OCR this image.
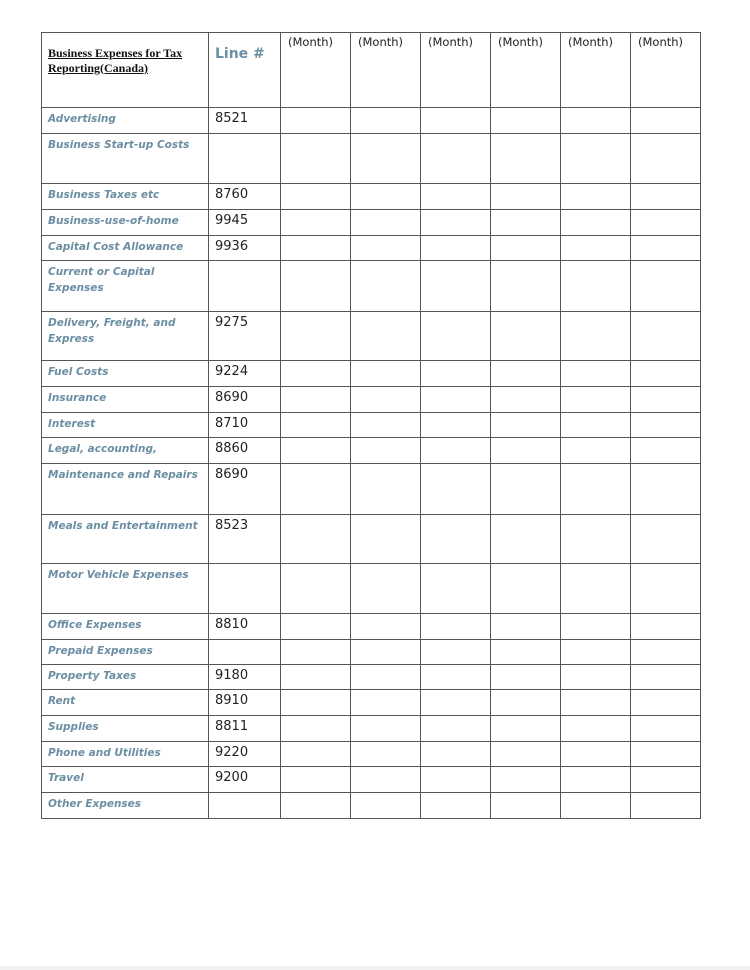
Business Expenses for Tax Reporting(Canada)	Line #	(Month)	(Month)	(Month)	(Month)	(Month)	(Month)
Advertising	8521						
Business Start-up Costs							
Business Taxes etc	8760						
Business-use-of-home	9945						
Capital Cost Allowance	9936						
Current or Capital Expenses							
Delivery, Freight, and Express	9275						
Fuel Costs	9224						
Insurance	8690						
Interest	8710						
Legal, accounting,	8860						
Maintenance and Repairs	8690						
Meals and Entertainment	8523						
Motor Vehicle Expenses							
Office Expenses	8810						
Prepaid Expenses							
Property Taxes	9180						
Rent	8910						
Supplies	8811						
Phone and Utilities	9220						
Travel	9200						
Other Expenses							
